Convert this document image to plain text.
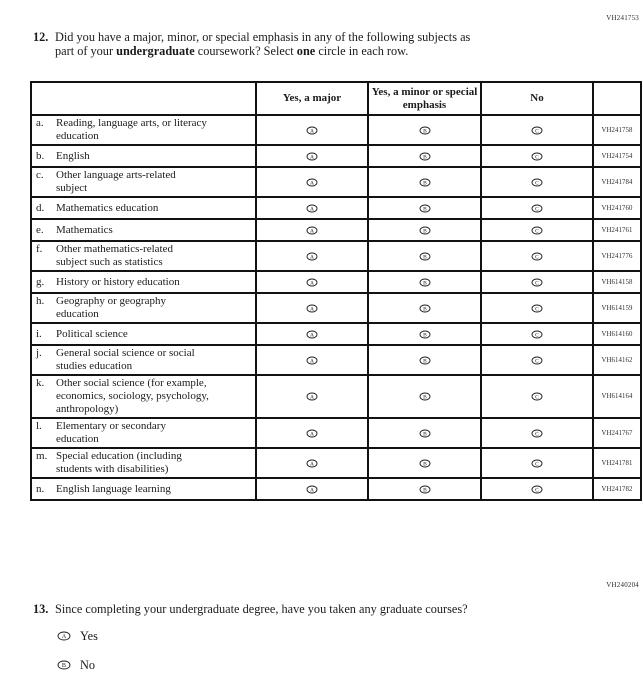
VH241753
12. Did you have a major, minor, or special emphasis in any of the following subjects as
part of your undergraduate coursework? Select one circle in each row.
	Yes, a major	Yes, a minor or special emphasis	No	

a. Reading, language arts, or literacy
education	A	B	C	VH241758

b. English	A	B	C	VH241754

c. Other language arts-related
subject	A	B	C	VH241784

d. Mathematics education	A	B	C	VH241760

e. Mathematics	A	B	C	VH241761

f. Other mathematics-related
subject such as statistics	A	B	C	VH241776

g. History or history education	A	B	C	VH614158

h. Geography or geography
education	A	B	C	VH614159

i. Political science	A	B	C	VH614160

j. General social science or social
studies education	A	B	C	VH614162

k. Other social science (for example,
economics, sociology, psychology,
anthropology)	A	B	C	VH614164

l. Elementary or secondary
education	A	B	C	VH241767

m. Special education (including
students with disabilities)	A	B	C	VH241781

n. English language learning	A	B	C	VH241782
VH240204
13. Since completing your undergraduate degree, have you taken any graduate courses?
A Yes
B No
